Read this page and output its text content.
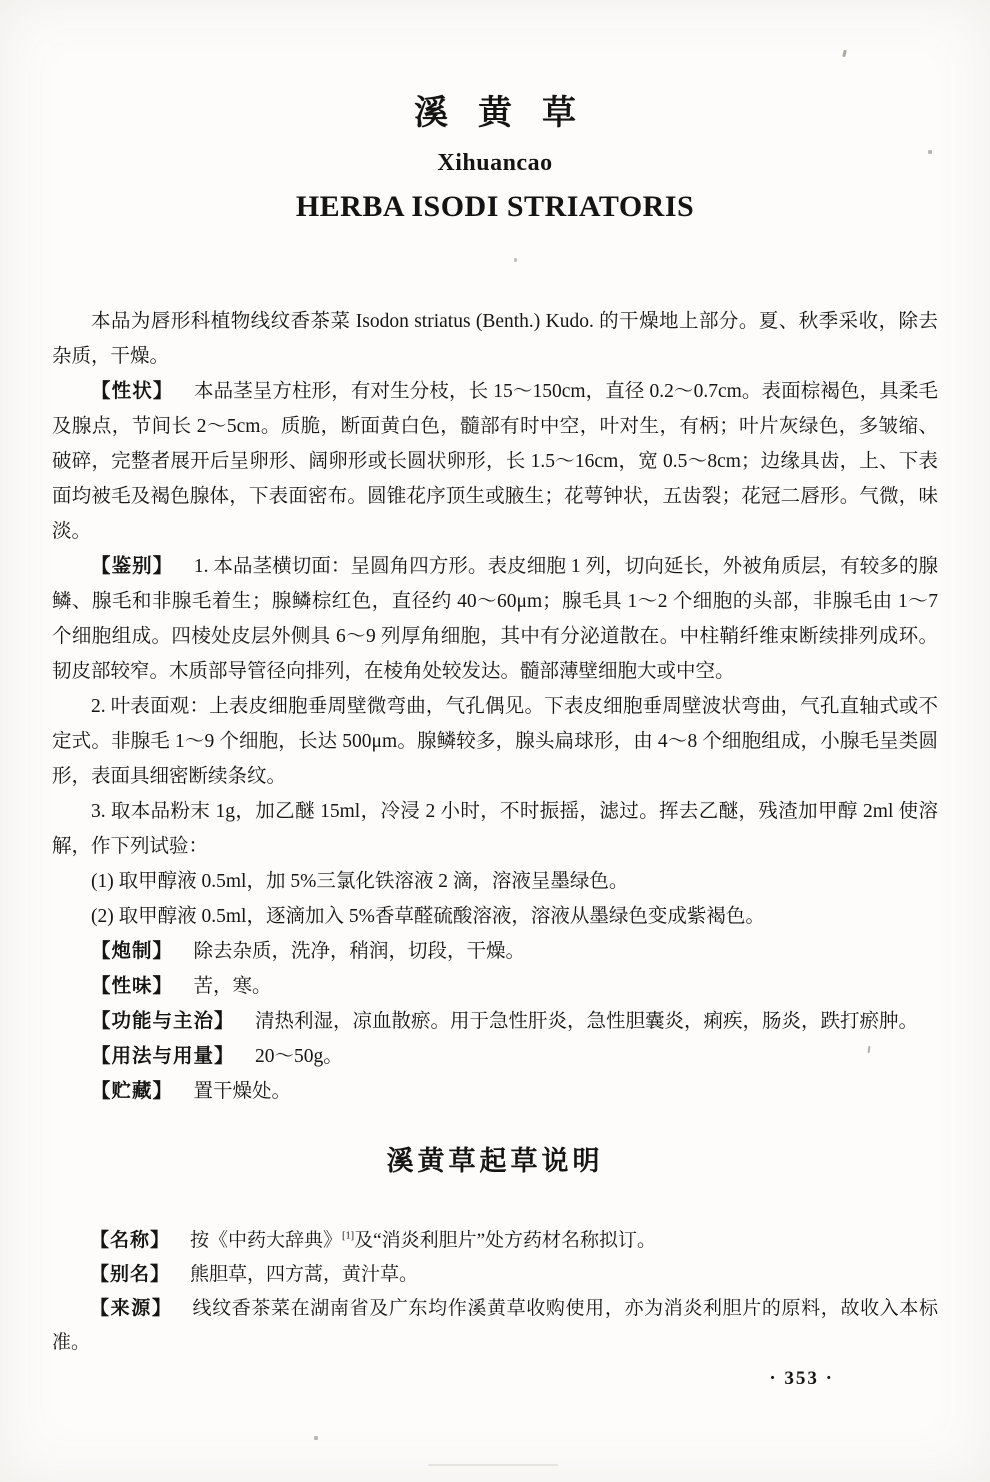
溪黄草
Xihuancao
HERBA ISODI STRIATORIS

本品为唇形科植物线纹香茶菜 Isodon striatus (Benth.) Kudo. 的干燥地上部分。夏、秋季采收，除去杂质，干燥。

【性状】 本品茎呈方柱形，有对生分枝，长 15～150cm，直径 0.2～0.7cm。表面棕褐色，具柔毛及腺点，节间长 2～5cm。质脆，断面黄白色，髓部有时中空，叶对生，有柄；叶片灰绿色，多皱缩、破碎，完整者展开后呈卵形、阔卵形或长圆状卵形，长 1.5～16cm，宽 0.5～8cm；边缘具齿，上、下表面均被毛及褐色腺体，下表面密布。圆锥花序顶生或腋生；花萼钟状，五齿裂；花冠二唇形。气微，味淡。

【鉴别】 1. 本品茎横切面：呈圆角四方形。表皮细胞 1 列，切向延长，外被角质层，有较多的腺鳞、腺毛和非腺毛着生；腺鳞棕红色，直径约 40～60μm；腺毛具 1～2 个细胞的头部，非腺毛由 1～7 个细胞组成。四棱处皮层外侧具 6～9 列厚角细胞，其中有分泌道散在。中柱鞘纤维束断续排列成环。韧皮部较窄。木质部导管径向排列，在棱角处较发达。髓部薄壁细胞大或中空。

2. 叶表面观：上表皮细胞垂周壁微弯曲，气孔偶见。下表皮细胞垂周壁波状弯曲，气孔直轴式或不定式。非腺毛 1～9 个细胞，长达 500μm。腺鳞较多，腺头扁球形，由 4～8 个细胞组成，小腺毛呈类圆形，表面具细密断续条纹。

3. 取本品粉末 1g，加乙醚 15ml，冷浸 2 小时，不时振摇，滤过。挥去乙醚，残渣加甲醇 2ml 使溶解，作下列试验：

(1) 取甲醇液 0.5ml，加 5%三氯化铁溶液 2 滴，溶液呈墨绿色。

(2) 取甲醇液 0.5ml，逐滴加入 5%香草醛硫酸溶液，溶液从墨绿色变成紫褐色。

【炮制】 除去杂质，洗净，稍润，切段，干燥。

【性味】 苦，寒。

【功能与主治】 清热利湿，凉血散瘀。用于急性肝炎，急性胆囊炎，痢疾，肠炎，跌打瘀肿。

【用法与用量】 20～50g。

【贮藏】 置干燥处。

溪黄草起草说明

【名称】 按《中药大辞典》[1]及“消炎利胆片”处方药材名称拟订。

【别名】 熊胆草，四方蒿，黄汁草。

【来源】 线纹香茶菜在湖南省及广东均作溪黄草收购使用，亦为消炎利胆片的原料，故收入本标准。

· 353 ·
